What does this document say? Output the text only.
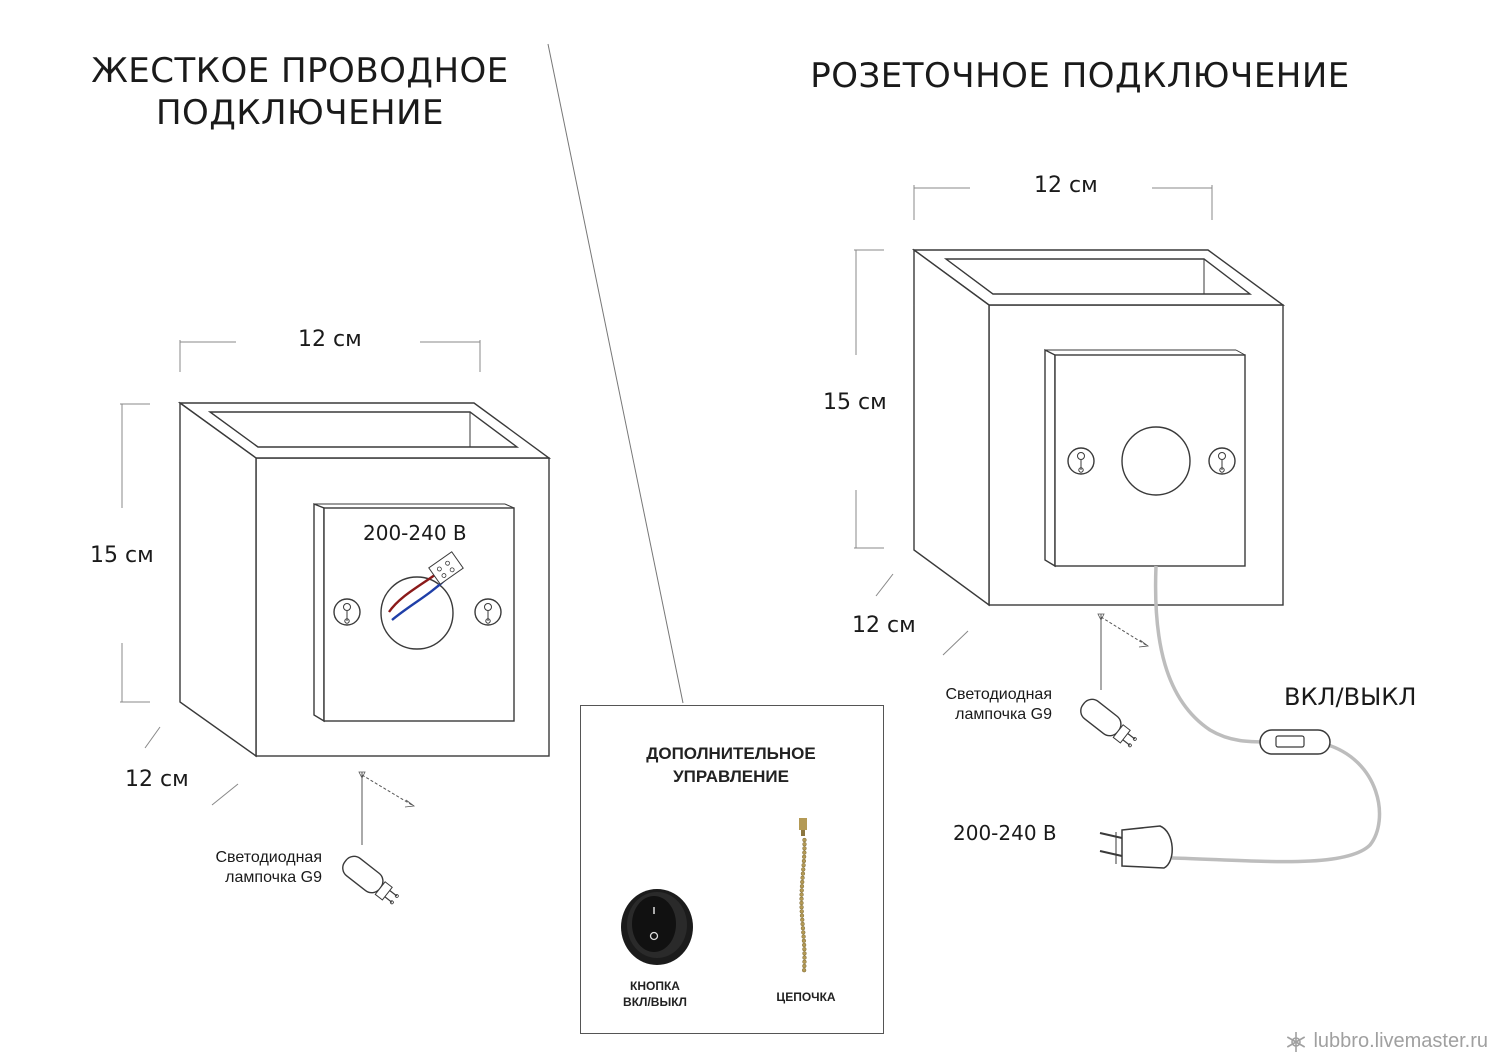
ЖЕСТКОЕ ПРОВОДНОЕ
ПОДКЛЮЧЕНИЕ
РОЗЕТОЧНОЕ ПОДКЛЮЧЕНИЕ
12 см
15 см
12 см
200-240 В
Светодиодная
лампочка G9
12 см
15 см
12 см
Светодиодная
лампочка G9
ВКЛ/ВЫКЛ
200-240 В
ДОПОЛНИТЕЛЬНОЕ
УПРАВЛЕНИЕ
КНОПКА
ВКЛ/ВЫКЛ	ЦЕПОЧКА
lubbro.livemaster.ru
